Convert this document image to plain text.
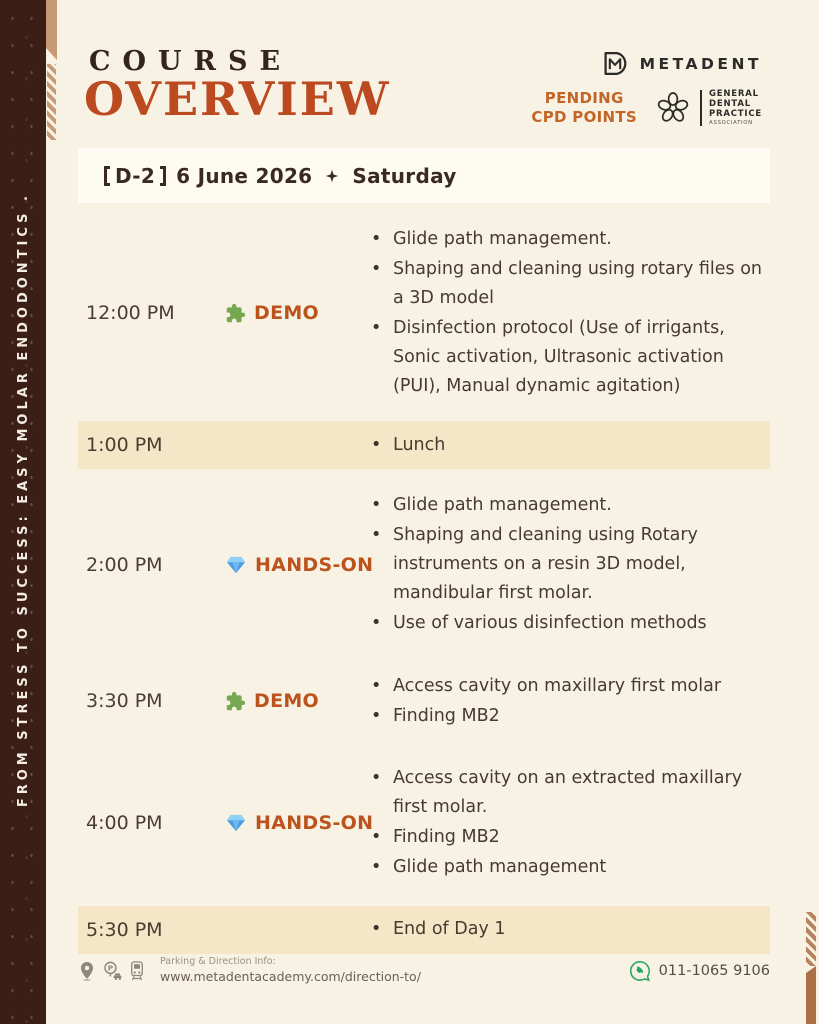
FROM STRESS TO SUCCESS: EASY MOLAR ENDODONTICS .
COURSE
OVERVIEW
METADENT
PENDING
CPD POINTS
GENERAL
DENTAL
PRACTICE
ASSOCIATION
D-2 6 June 2026 Saturday
12:00 PM	DEMO
• Glide path management.
• Shaping and cleaning using rotary files on a 3D model
• Disinfection protocol (Use of irrigants, Sonic activation, Ultrasonic activation (PUI), Manual dynamic agitation)
1:00 PM	• Lunch
2:00 PM	HANDS-ON
• Glide path management.
• Shaping and cleaning using Rotary instruments on a resin 3D model, mandibular first molar.
• Use of various disinfection methods
3:30 PM	DEMO
• Access cavity on maxillary first molar
• Finding MB2
4:00 PM	HANDS-ON
• Access cavity on an extracted maxillary first molar.
• Finding MB2
• Glide path management
5:30 PM	• End of Day 1
P
Parking & Direction Info:
www.metadentacademy.com/direction-to/	011-1065 9106
